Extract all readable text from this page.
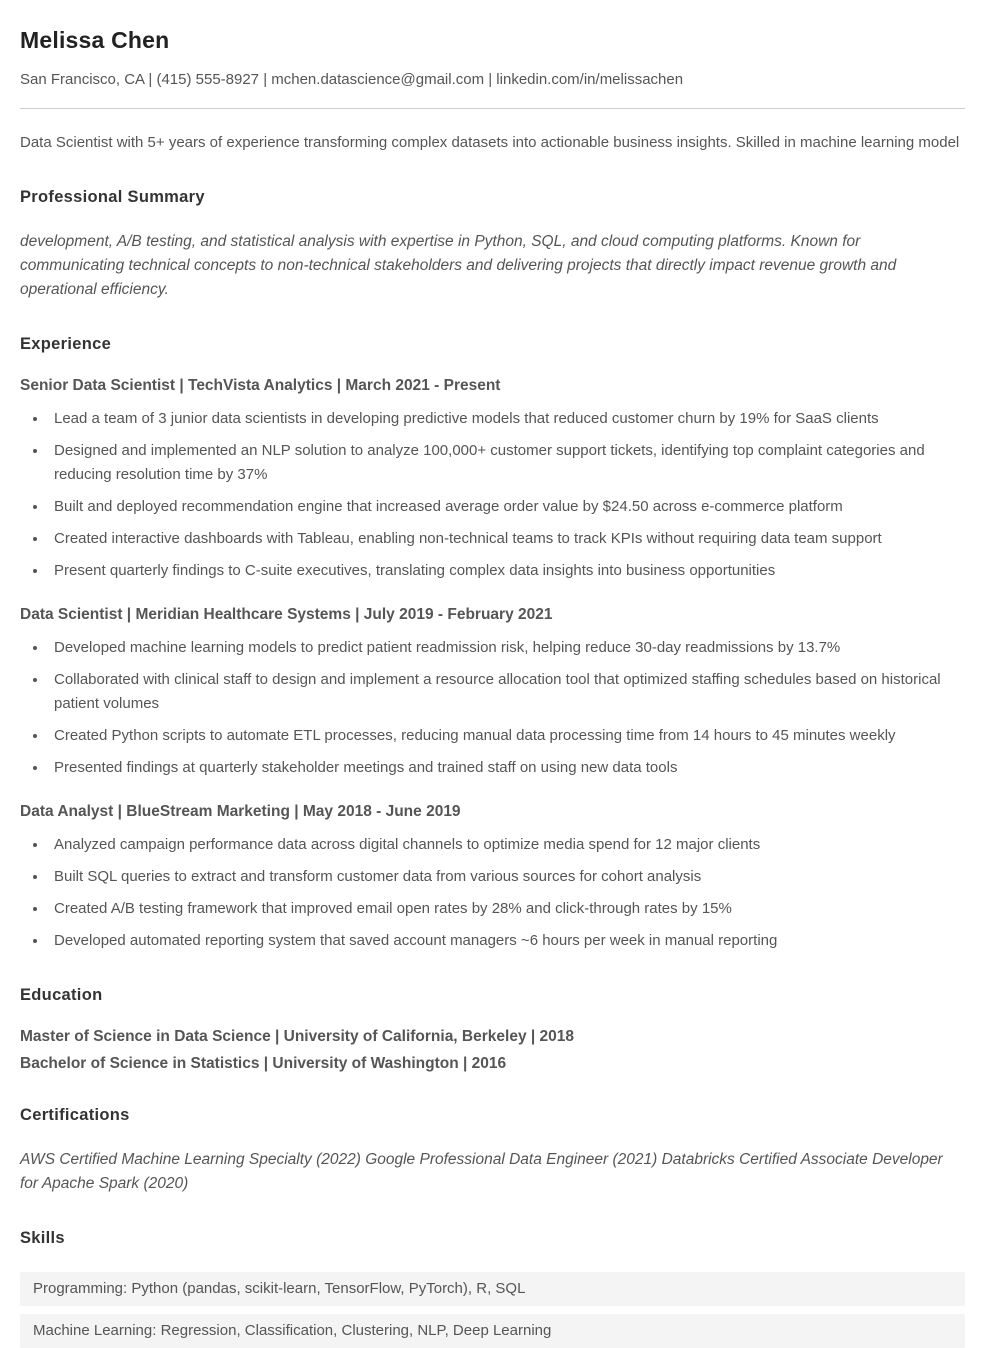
Melissa Chen

San Francisco, CA | (415) 555-8927 | mchen.datascience@gmail.com | linkedin.com/in/melissachen

Data Scientist with 5+ years of experience transforming complex datasets into actionable business insights. Skilled in machine learning model

Professional Summary

development, A/B testing, and statistical analysis with expertise in Python, SQL, and cloud computing platforms. Known for communicating technical concepts to non-technical stakeholders and delivering projects that directly impact revenue growth and operational efficiency.

Experience
Senior Data Scientist | TechVista Analytics | March 2021 - Present
• Lead a team of 3 junior data scientists in developing predictive models that reduced customer churn by 19% for SaaS clients
• Designed and implemented an NLP solution to analyze 100,000+ customer support tickets, identifying top complaint categories and reducing resolution time by 37%
• Built and deployed recommendation engine that increased average order value by $24.50 across e-commerce platform
• Created interactive dashboards with Tableau, enabling non-technical teams to track KPIs without requiring data team support
• Present quarterly findings to C-suite executives, translating complex data insights into business opportunities
Data Scientist | Meridian Healthcare Systems | July 2019 - February 2021
• Developed machine learning models to predict patient readmission risk, helping reduce 30-day readmissions by 13.7%
• Collaborated with clinical staff to design and implement a resource allocation tool that optimized staffing schedules based on historical patient volumes
• Created Python scripts to automate ETL processes, reducing manual data processing time from 14 hours to 45 minutes weekly
• Presented findings at quarterly stakeholder meetings and trained staff on using new data tools
Data Analyst | BlueStream Marketing | May 2018 - June 2019
• Analyzed campaign performance data across digital channels to optimize media spend for 12 major clients
• Built SQL queries to extract and transform customer data from various sources for cohort analysis
• Created A/B testing framework that improved email open rates by 28% and click-through rates by 15%
• Developed automated reporting system that saved account managers ~6 hours per week in manual reporting
Education

Master of Science in Data Science | University of California, Berkeley | 2018

Bachelor of Science in Statistics | University of Washington | 2016

Certifications

AWS Certified Machine Learning Specialty (2022) Google Professional Data Engineer (2021) Databricks Certified Associate Developer for Apache Spark (2020)

Skills
Programming: Python (pandas, scikit-learn, TensorFlow, PyTorch), R, SQL
Machine Learning: Regression, Classification, Clustering, NLP, Deep Learning
